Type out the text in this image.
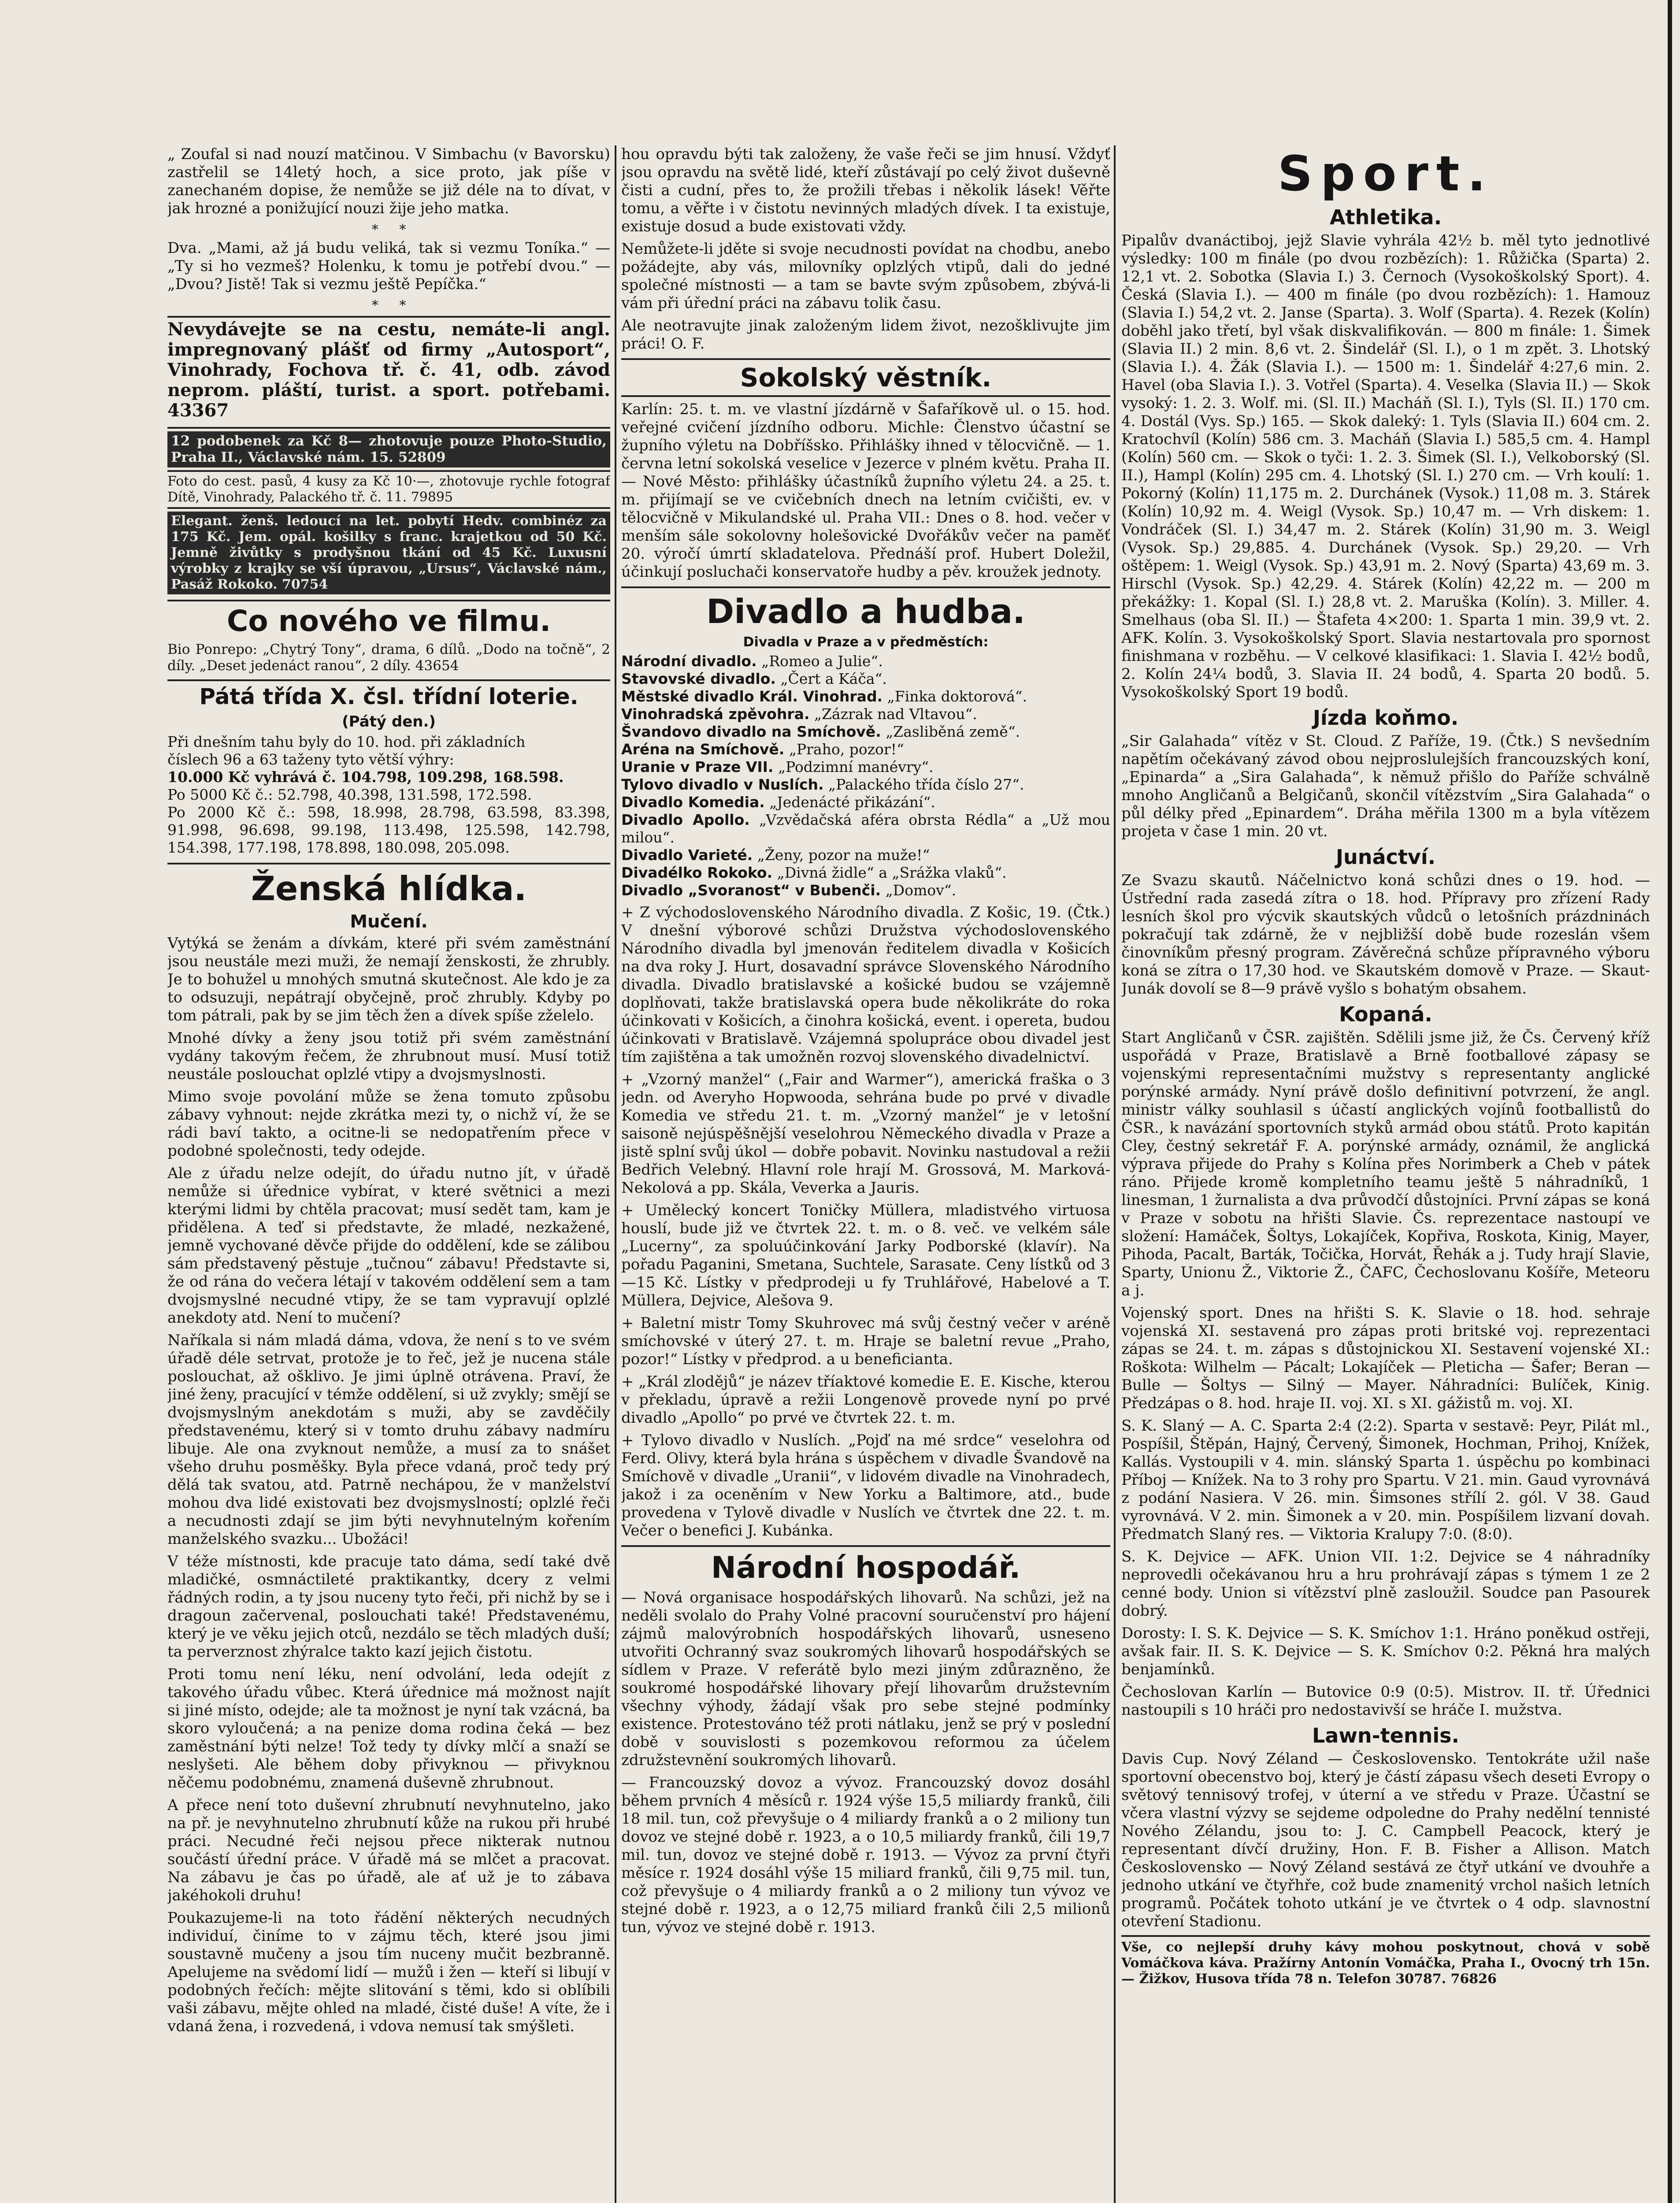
„ Zoufal si nad nouzí matčinou. V Simbachu (v Bavorsku) zastřelil se 14letý hoch, a sice proto, jak píše v zanechaném dopise, že nemůže se již déle na to dívat, v jak hrozné a ponižující nouzi žije jeho matka.

*     *

Dva. „Mami, až já budu veliká, tak si vezmu Toníka.“ — „Ty si ho vezmeš? Holenku, k tomu je potřebí dvou.“ — „Dvou? Jistě! Tak si vezmu ještě Pepíčka.“

*     *

Nevydávejte se na cestu, nemáte-li angl. impregnovaný plášť od firmy „Autosport“, Vinohrady, Fochova tř. č. 41, odb. závod neprom. pláští, turist. a sport. potřebami. 43367

12 podobenek za Kč 8— zhotovuje pouze Photo-Studio, Praha II., Václavské nám. 15. 52809

Foto do cest. pasů, 4 kusy za Kč 10·—, zhotovuje rychle fotograf Dítě, Vinohrady, Palackého tř. č. 11. 79895

Elegant. ženš. ledoucí na let. pobytí Hedv. combinéz za 175 Kč. Jem. opál. košilky s franc. krajetkou od 50 Kč. Jemně živůtky s prodyšnou tkání od 45 Kč. Luxusní výrobky z krajky se vší úpravou, „Ursus“, Václavské nám., Pasáž Rokoko. 70754

Co nového ve filmu.

Bio Ponrepo: „Chytrý Tony“, drama, 6 dílů. „Dodo na točně“, 2 díly. „Deset jedenáct ranou“, 2 díly. 43654

Pátá třída X. čsl. třídní loterie.
(Pátý den.)

Při dnešním tahu byly do 10. hod. při základních

číslech 96 a 63 taženy tyto větší výhry:

10.000 Kč vyhrává č. 104.798, 109.298, 168.598.

Po 5000 Kč č.: 52.798, 40.398, 131.598, 172.598.

Po 2000 Kč č.: 598, 18.998, 28.798, 63.598, 83.398, 91.998, 96.698, 99.198, 113.498, 125.598, 142.798, 154.398, 177.198, 178.898, 180.098, 205.098.

Ženská hlídka.
Mučení.

Vytýká se ženám a dívkám, které při svém zaměstnání jsou neustále mezi muži, že nemají ženskosti, že zhrubly. Je to bohužel u mnohých smutná skutečnost. Ale kdo je za to odsuzuji, nepátrají obyčejně, proč zhrubly. Kdyby po tom pátrali, pak by se jim těch žen a dívek spíše zželelo.

Mnohé dívky a ženy jsou totiž při svém zaměstnání vydány takovým řečem, že zhrubnout musí. Musí totiž neustále poslouchat oplzlé vtipy a dvojsmyslnosti.

Mimo svoje povolání může se žena tomuto způsobu zábavy vyhnout: nejde zkrátka mezi ty, o nichž ví, že se rádi baví takto, a ocitne-li se nedopatřením přece v podobné společnosti, tedy odejde.

Ale z úřadu nelze odejít, do úřadu nutno jít, v úřadě nemůže si úřednice vybírat, v které světnici a mezi kterými lidmi by chtěla pracovat; musí sedět tam, kam je přidělena. A teď si představte, že mladé, nezkažené, jemně vychované děvče přijde do oddělení, kde se zálibou sám představený pěstuje „tučnou“ zábavu! Představte si, že od rána do večera létají v takovém oddělení sem a tam dvojsmyslné necudné vtipy, že se tam vypravují oplzlé anekdoty atd. Není to mučení?

Naříkala si nám mladá dáma, vdova, že není s to ve svém úřadě déle setrvat, protože je to řeč, jež je nucena stále poslouchat, až ošklivo. Je jimi úplně otrávena. Praví, že jiné ženy, pracující v témže oddělení, si už zvykly; smějí se dvojsmyslným anekdotám s muži, aby se zavděčily představenému, který si v tomto druhu zábavy nadmíru libuje. Ale ona zvyknout nemůže, a musí za to snášet všeho druhu posměšky. Byla přece vdaná, proč tedy prý dělá tak svatou, atd. Patrně nechápou, že v manželství mohou dva lidé existovati bez dvojsmyslností; oplzlé řeči a necudnosti zdají se jim býti nevyhnutelným kořením manželského svazku... Ubožáci!

V téže místnosti, kde pracuje tato dáma, sedí také dvě mladičké, osmnáctileté praktikantky, dcery z velmi řádných rodin, a ty jsou nuceny tyto řeči, při nichž by se i dragoun začervenal, poslouchati také! Představenému, který je ve věku jejich otců, nezdálo se těch mladých duší; ta perverznost zhýralce takto kazí jejich čistotu.

Proti tomu není léku, není odvolání, leda odejít z takového úřadu vůbec. Která úřednice má možnost najít si jiné místo, odejde; ale ta možnost je nyní tak vzácná, ba skoro vyloučená; a na penize doma rodina čeká — bez zaměstnání býti nelze! Tož tedy ty dívky mlčí a snaží se neslyšeti. Ale během doby přivyknou — přivyknou něčemu podobnému, znamená duševně zhrubnout.

A přece není toto duševní zhrubnutí nevyhnutelno, jako na př. je nevyhnutelno zhrubnutí kůže na rukou při hrubé práci. Necudné řeči nejsou přece nikterak nutnou součástí úřední práce. V úřadě má se mlčet a pracovat. Na zábavu je čas po úřadě, ale ať už je to zábava jakéhokoli druhu!

Poukazujeme-li na toto řádění některých necudných individuí, činíme to v zájmu těch, které jsou jimi soustavně mučeny a jsou tím nuceny mučit bezbranně. Apelujeme na svědomí lidí — mužů i žen — kteří si libují v podobných řečích: mějte slitování s těmi, kdo si oblíbili vaši zábavu, mějte ohled na mladé, čisté duše! A víte, že i vdaná žena, i rozvedená, i vdova nemusí tak smýšleti.

hou opravdu býti tak založeny, že vaše řeči se jim hnusí. Vždyť jsou opravdu na světě lidé, kteří zůstávají po celý život duševně čisti a cudní, přes to, že prožili třebas i několik lásek! Věřte tomu, a věřte i v čistotu nevinných mladých dívek. I ta existuje, existuje dosud a bude existovati vždy.

Nemůžete-li jděte si svoje necudnosti povídat na chodbu, anebo požádejte, aby vás, milovníky oplzlých vtipů, dali do jedné společné místnosti — a tam se bavte svým způsobem, zbývá-li vám při úřední práci na zábavu tolik času.

Ale neotravujte jinak založeným lidem život, nezošklivujte jim práci! O. F.

Sokolský věstník.

Karlín: 25. t. m. ve vlastní jízdárně v Šafaříkově ul. o 15. hod. veřejné cvičení jízdního odboru. Michle: Členstvo účastní se župního výletu na Dobříšsko. Přihlášky ihned v tělocvičně. — 1. června letní sokolská veselice v Jezerce v plném květu. Praha II. — Nové Město: přihlášky účastníků župního výletu 24. a 25. t. m. přijímají se ve cvičebních dnech na letním cvičišti, ev. v tělocvičně v Mikulandské ul. Praha VII.: Dnes o 8. hod. večer v menším sále sokolovny holešovické Dvořákův večer na paměť 20. výročí úmrtí skladatelova. Přednáší prof. Hubert Doležil, účinkují posluchači konservatoře hudby a pěv. kroužek jednoty.

Divadlo a hudba.
Divadla v Praze a v předměstích:

Národní divadlo. „Romeo a Julie“.

Stavovské divadlo. „Čert a Káča“.

Městské divadlo Král. Vinohrad. „Finka doktorová“.

Vinohradská zpěvohra. „Zázrak nad Vltavou“.

Švandovo divadlo na Smíchově. „Zasliběná země“.

Aréna na Smíchově. „Praho, pozor!“

Uranie v Praze VII. „Podzimní manévry“.

Tylovo divadlo v Nuslích. „Palackého třída číslo 27“.

Divadlo Komedia. „Jedenácté přikázání“.

Divadlo Apollo. „Vzvědačská aféra obrsta Rédla“ a „Už mou milou“.

Divadlo Varieté. „Ženy, pozor na muže!“

Divadélko Rokoko. „Divná židle“ a „Srážka vlaků“.

Divadlo „Svoranost“ v Bubenči. „Domov“.

+ Z východoslovenského Národního divadla. Z Košic, 19. (Čtk.) V dnešní výborové schůzi Družstva východoslovenského Národního divadla byl jmenován ředitelem divadla v Košicích na dva roky J. Hurt, dosavadní správce Slovenského Národního divadla. Divadlo bratislavské a košické budou se vzájemně doplňovati, takže bratislavská opera bude několikráte do roka účinkovati v Košicích, a činohra košická, event. i opereta, budou účinkovati v Bratislavě. Vzájemná spolupráce obou divadel jest tím zajištěna a tak umožněn rozvoj slovenského divadelnictví.

+ „Vzorný manžel“ („Fair and Warmer“), americká fraška o 3 jedn. od Averyho Hopwooda, sehrána bude po prvé v divadle Komedia ve středu 21. t. m. „Vzorný manžel“ je v letošní saisoně nejúspěšnější veselohrou Německého divadla v Praze a jistě splní svůj úkol — dobře pobavit. Novinku nastudoval a režii Bedřich Velebný. Hlavní role hrají M. Grossová, M. Marková-Nekolová a pp. Skála, Veverka a Jauris.

+ Umělecký koncert Toničky Müllera, mladistvého virtuosa houslí, bude již ve čtvrtek 22. t. m. o 8. več. ve velkém sále „Lucerny“, za spoluúčinkování Jarky Podborské (klavír). Na pořadu Paganini, Smetana, Suchtele, Sarasate. Ceny lístků od 3—15 Kč. Lístky v předprodeji u fy Truhlářové, Habelové a T. Müllera, Dejvice, Alešova 9.

+ Baletní mistr Tomy Skuhrovec má svůj čestný večer v aréně smíchovské v úterý 27. t. m. Hraje se baletní revue „Praho, pozor!“ Lístky v předprod. a u beneficianta.

+ „Král zlodějů“ je název tříaktové komedie E. E. Kische, kterou v překladu, úpravě a režii Longenově provede nyní po prvé divadlo „Apollo“ po prvé ve čtvrtek 22. t. m.

+ Tylovo divadlo v Nuslích. „Pojď na mé srdce“ veselohra od Ferd. Olivy, která byla hrána s úspěchem v divadle Švandově na Smíchově v divadle „Uranii“, v lidovém divadle na Vinohradech, jakož i za oceněním v New Yorku a Baltimore, atd., bude provedena v Tylově divadle v Nuslích ve čtvrtek dne 22. t. m. Večer o benefici J. Kubánka.

Národní hospodář.

— Nová organisace hospodářských lihovarů. Na schůzi, jež na neděli svolalo do Prahy Volné pracovní souručenství pro hájení zájmů malovýrobních hospodářských lihovarů, usneseno utvořiti Ochranný svaz soukromých lihovarů hospodářských se sídlem v Praze. V referátě bylo mezi jiným zdůrazněno, že soukromé hospodářské lihovary přejí lihovarům družstevním všechny výhody, žádají však pro sebe stejné podmínky existence. Protestováno též proti nátlaku, jenž se prý v poslední době v souvislosti s pozemkovou reformou za účelem združstevnění soukromých lihovarů.

— Francouzský dovoz a vývoz. Francouzský dovoz dosáhl během prvních 4 měsíců r. 1924 výše 15,5 miliardy franků, čili 18 mil. tun, což převyšuje o 4 miliardy franků a o 2 miliony tun dovoz ve stejné době r. 1923, a o 10,5 miliardy franků, čili 19,7 mil. tun, dovoz ve stejné době r. 1913. — Vývoz za první čtyři měsíce r. 1924 dosáhl výše 15 miliard franků, čili 9,75 mil. tun, což převyšuje o 4 miliardy franků a o 2 miliony tun vývoz ve stejné době r. 1923, a o 12,75 miliard franků čili 2,5 milionů tun, vývoz ve stejné době r. 1913.

Sport.
Athletika.

Pipalův dvanáctiboj, jejž Slavie vyhrála 42½ b. měl tyto jednotlivé výsledky: 100 m finále (po dvou rozbězích): 1. Růžička (Sparta) 2. 12,1 vt. 2. Sobotka (Slavia I.) 3. Černoch (Vysokoškolský Sport). 4. Česká (Slavia I.). — 400 m finále (po dvou rozbězích): 1. Hamouz (Slavia I.) 54,2 vt. 2. Janse (Sparta). 3. Wolf (Sparta). 4. Rezek (Kolín) doběhl jako třetí, byl však diskvalifikován. — 800 m finále: 1. Šimek (Slavia II.) 2 min. 8,6 vt. 2. Šindelář (Sl. I.), o 1 m zpět. 3. Lhotský (Slavia I.). 4. Žák (Slavia I.). — 1500 m: 1. Šindelář 4:27,6 min. 2. Havel (oba Slavia I.). 3. Votřel (Sparta). 4. Veselka (Slavia II.) — Skok vysoký: 1. 2. 3. Wolf. mi. (Sl. II.) Macháň (Sl. I.), Tyls (Sl. II.) 170 cm. 4. Dostál (Vys. Sp.) 165. — Skok daleký: 1. Tyls (Slavia II.) 604 cm. 2. Kratochvíl (Kolín) 586 cm. 3. Macháň (Slavia I.) 585,5 cm. 4. Hampl (Kolín) 560 cm. — Skok o tyči: 1. 2. 3. Šimek (Sl. I.), Velkoborský (Sl. II.), Hampl (Kolín) 295 cm. 4. Lhotský (Sl. I.) 270 cm. — Vrh koulí: 1. Pokorný (Kolín) 11,175 m. 2. Durchánek (Vysok.) 11,08 m. 3. Stárek (Kolín) 10,92 m. 4. Weigl (Vysok. Sp.) 10,47 m. — Vrh diskem: 1. Vondráček (Sl. I.) 34,47 m. 2. Stárek (Kolín) 31,90 m. 3. Weigl (Vysok. Sp.) 29,885. 4. Durchánek (Vysok. Sp.) 29,20. — Vrh oštěpem: 1. Weigl (Vysok. Sp.) 43,91 m. 2. Nový (Sparta) 43,69 m. 3. Hirschl (Vysok. Sp.) 42,29. 4. Stárek (Kolín) 42,22 m. — 200 m překážky: 1. Kopal (Sl. I.) 28,8 vt. 2. Maruška (Kolín). 3. Miller. 4. Smelhaus (oba Sl. II.) — Štafeta 4×200: 1. Sparta 1 min. 39,9 vt. 2. AFK. Kolín. 3. Vysokoškolský Sport. Slavia nestartovala pro spornost finishmana v rozběhu. — V celkové klasifikaci: 1. Slavia I. 42½ bodů, 2. Kolín 24¼ bodů, 3. Slavia II. 24 bodů, 4. Sparta 20 bodů. 5. Vysokoškolský Sport 19 bodů.

Jízda koňmo.

„Sir Galahada“ vítěz v St. Cloud. Z Paříže, 19. (Čtk.) S nevšedním napětím očekávaný závod obou nejproslulejších francouzských koní, „Epinarda“ a „Sira Galahada“, k němuž přišlo do Paříže schválně mnoho Angličanů a Belgičanů, skončil vítězstvím „Sira Galahada“ o půl délky před „Epinardem“. Dráha měřila 1300 m a byla vítězem projeta v čase 1 min. 20 vt.

Junáctví.

Ze Svazu skautů. Náčelnictvo koná schůzi dnes o 19. hod. — Ústřední rada zasedá zítra o 18. hod. Přípravy pro zřízení Rady lesních škol pro výcvik skautských vůdců o letošních prázdninách pokračují tak zdárně, že v nejbližší době bude rozeslán všem činovníkům přesný program. Závěrečná schůze přípravného výboru koná se zítra o 17,30 hod. ve Skautském domově v Praze. — Skaut-Junák dovolí se 8—9 právě vyšlo s bohatým obsahem.

Kopaná.

Start Angličanů v ČSR. zajištěn. Sdělili jsme již, že Čs. Červený kříž uspořádá v Praze, Bratislavě a Brně footballové zápasy se vojenskými representačními mužstvy s representanty anglické porýnské armády. Nyní právě došlo definitivní potvrzení, že angl. ministr války souhlasil s účastí anglických vojínů footballistů do ČSR., k navázání sportovních styků armád obou států. Proto kapitán Cley, čestný sekretář F. A. porýnské armády, oznámil, že anglická výprava přijede do Prahy s Kolína přes Norimberk a Cheb v pátek ráno. Přijede kromě kompletního teamu ještě 5 náhradníků, 1 linesman, 1 žurnalista a dva průvodčí důstojníci. První zápas se koná v Praze v sobotu na hřišti Slavie. Čs. reprezentace nastoupí ve složení: Hamáček, Šoltys, Lokajíček, Kopřiva, Roskota, Kinig, Mayer, Pihoda, Pacalt, Barták, Točička, Horvát, Řehák a j. Tudy hrají Slavie, Sparty, Unionu Ž., Viktorie Ž., ČAFC, Čechoslovanu Košíře, Meteoru a j.

Vojenský sport. Dnes na hřišti S. K. Slavie o 18. hod. sehraje vojenská XI. sestavená pro zápas proti britské voj. reprezentaci zápas se 24. t. m. zápas s důstojnickou XI. Sestavení vojenské XI.: Roškota: Wilhelm — Pácalt; Lokajíček — Pleticha — Šafer; Beran — Bulle — Šoltys — Silný — Mayer. Náhradníci: Bulíček, Kinig. Předzápas o 8. hod. hraje II. voj. XI. s XI. gážistů m. voj. XI.

S. K. Slaný — A. C. Sparta 2:4 (2:2). Sparta v sestavě: Peyr, Pilát ml., Pospíšil, Štěpán, Hajný, Červený, Šimonek, Hochman, Prihoj, Knížek, Kallás. Vystoupili v 4. min. slánský Sparta 1. úspěchu po kombinaci Příboj — Knížek. Na to 3 rohy pro Spartu. V 21. min. Gaud vyrovnává z podání Nasiera. V 26. min. Šimsones střílí 2. gól. V 38. Gaud vyrovnává. V 2. min. Šimonek a v 20. min. Pospíšilem lizvaní dovah. Předmatch Slaný res. — Viktoria Kralupy 7:0. (8:0).

S. K. Dejvice — AFK. Union VII. 1:2. Dejvice se 4 náhradníky neprovedli očekávanou hru a hru prohrávají zápas s týmem 1 ze 2 cenné body. Union si vítězství plně zasloužil. Soudce pan Pasourek dobrý.

Dorosty: I. S. K. Dejvice — S. K. Smíchov 1:1. Hráno poněkud ostřeji, avšak fair. II. S. K. Dejvice — S. K. Smíchov 0:2. Pěkná hra malých benjamínků.

Čechoslovan Karlín — Butovice 0:9 (0:5). Mistrov. II. tř. Úřednici nastoupili s 10 hráči pro nedostavivší se hráče I. mužstva.

Lawn-tennis.

Davis Cup. Nový Zéland — Československo. Tentokráte užil naše sportovní obecenstvo boj, který je částí zápasu všech deseti Evropy o světový tennisový trofej, v úterní a ve středu v Praze. Účastní se včera vlastní výzvy se sejdeme odpoledne do Prahy nedělní tennisté Nového Zélandu, jsou to: J. C. Campbell Peacock, který je representant dívčí družiny, Hon. F. B. Fisher a Allison. Match Československo — Nový Zéland sestává ze čtyř utkání ve dvouhře a jednoho utkání ve čtyřhře, což bude znamenitý vrchol našich letních programů. Počátek tohoto utkání je ve čtvrtek o 4 odp. slavnostní otevření Stadionu.

Vše, co nejlepší druhy kávy mohou poskytnout, chová v sobě Vomáčkova káva. Pražírny Antonín Vomáčka, Praha I., Ovocný trh 15n. — Žižkov, Husova třída 78 n. Telefon 30787. 76826
